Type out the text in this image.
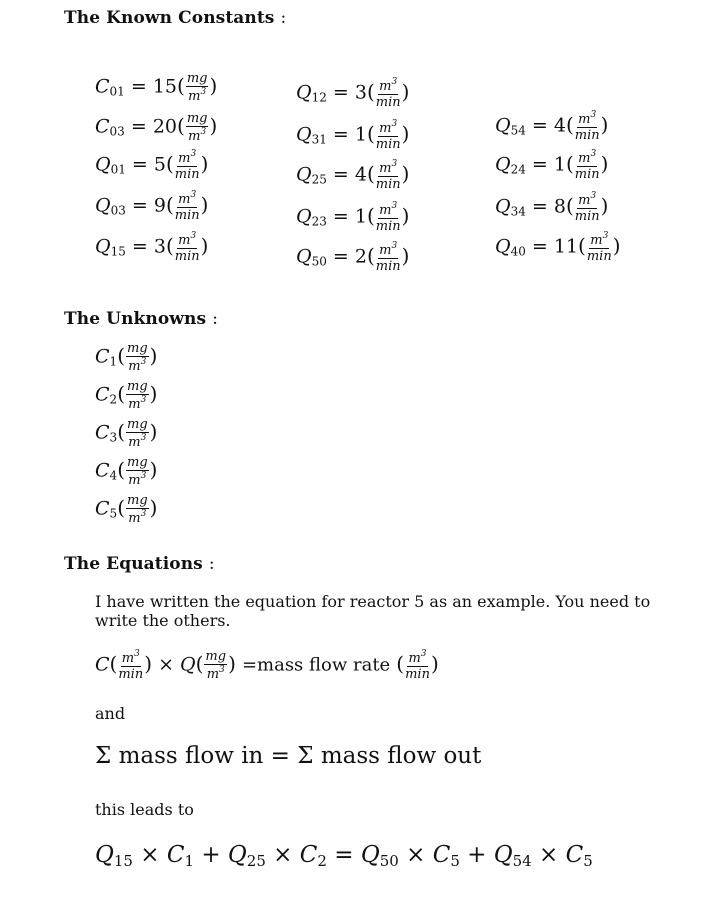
The Known Constants :
$C_{01} = 15( \frac{mg}{m^3}$ )
$C_{03} = 20( \frac{mg}{m^3}$ )
$Q_{01} = 5( \frac{m^3}{\min}$ )
$Q_{03} = 9( \frac{m^3}{\min}$ )
$Q_{15} = 3( \frac{m^3}{\min}$ )
$Q_{12} = 3( \frac{m^3}{\min}$ )
$Q_{31} = 1( \frac{m^3}{\min}$ )
$Q_{25} = 4( \frac{m^3}{\min}$ )
$Q_{23} = 1( \frac{m^3}{\min}$ )
$Q_{50} = 2( \frac{m^3}{\min}$ )
$Q_{54} = 4( \frac{m^3}{\min}$ )
$Q_{24} = 1( \frac{m^3}{\min}$ )
$Q_{34} = 8( \frac{m^3}{\min}$ )
$Q_{40} = 11( \frac{m^3}{\min}$ )
The Unknowns :
$C_1( \frac{mg}{m^3}$ )
$C_2( \frac{mg}{m^3}$ )
$C_3( \frac{mg}{m^3}$ )
$C_4( \frac{mg}{m^3}$ )
$C_5( \frac{mg}{m^3}$ )
The Equations :
I have written the equation for reactor 5 as an example. You need to write the others.
$C( \frac{m^3}{\min}$ ) × $Q( \frac{mg}{m^3}$ ) =mass flow rate ( $\frac{m^3}{\min}$ )
and
Σ mass flow in = Σ mass flow out
this leads to
$Q_{15} \times C_1 + Q_{25} \times C_2 = Q_{50} \times C_5 + Q_{54} \times C_5$
